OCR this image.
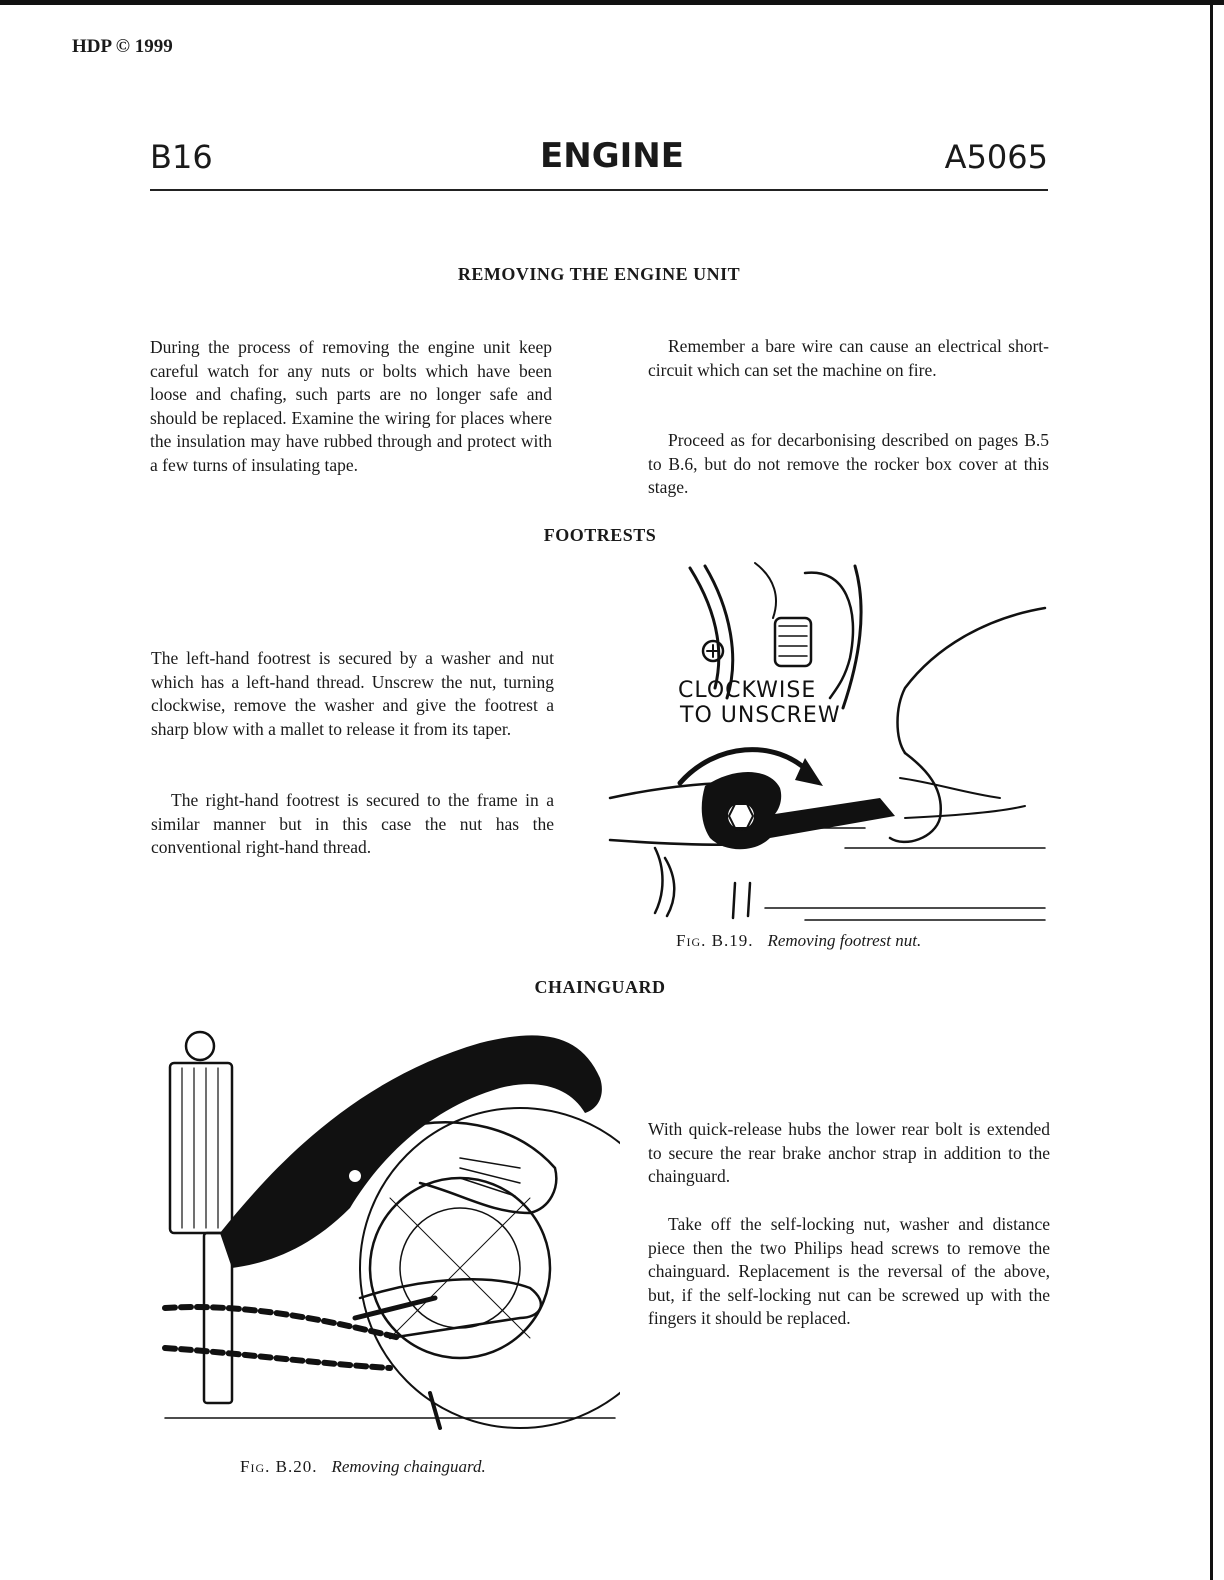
HDP © 1999
B16	ENGINE	A5065
REMOVING THE ENGINE UNIT

During the process of removing the engine unit keep careful watch for any nuts or bolts which have been loose and chafing, such parts are no longer safe and should be replaced. Examine the wiring for places where the insulation may have rubbed through and protect with a few turns of insulating tape.

Remember a bare wire can cause an electrical short-circuit which can set the machine on fire.

Proceed as for decarbonising described on pages B.5 to B.6, but do not remove the rocker box cover at this stage.

FOOTRESTS

The left-hand footrest is secured by a washer and nut which has a left-hand thread. Unscrew the nut, turning clockwise, remove the washer and give the footrest a sharp blow with a mallet to release it from its taper.

The right-hand footrest is secured to the frame in a similar manner but in this case the nut has the conventional right-hand thread.

CLOCKWISE
TO UNSCREW
Fig. B.19. Removing footrest nut.
CHAINGUARD
Fig. B.20. Removing chainguard.

With quick-release hubs the lower rear bolt is extended to secure the rear brake anchor strap in addition to the chainguard.

Take off the self-locking nut, washer and distance piece then the two Philips head screws to remove the chainguard. Replacement is the reversal of the above, but, if the self-locking nut can be screwed up with the fingers it should be replaced.
